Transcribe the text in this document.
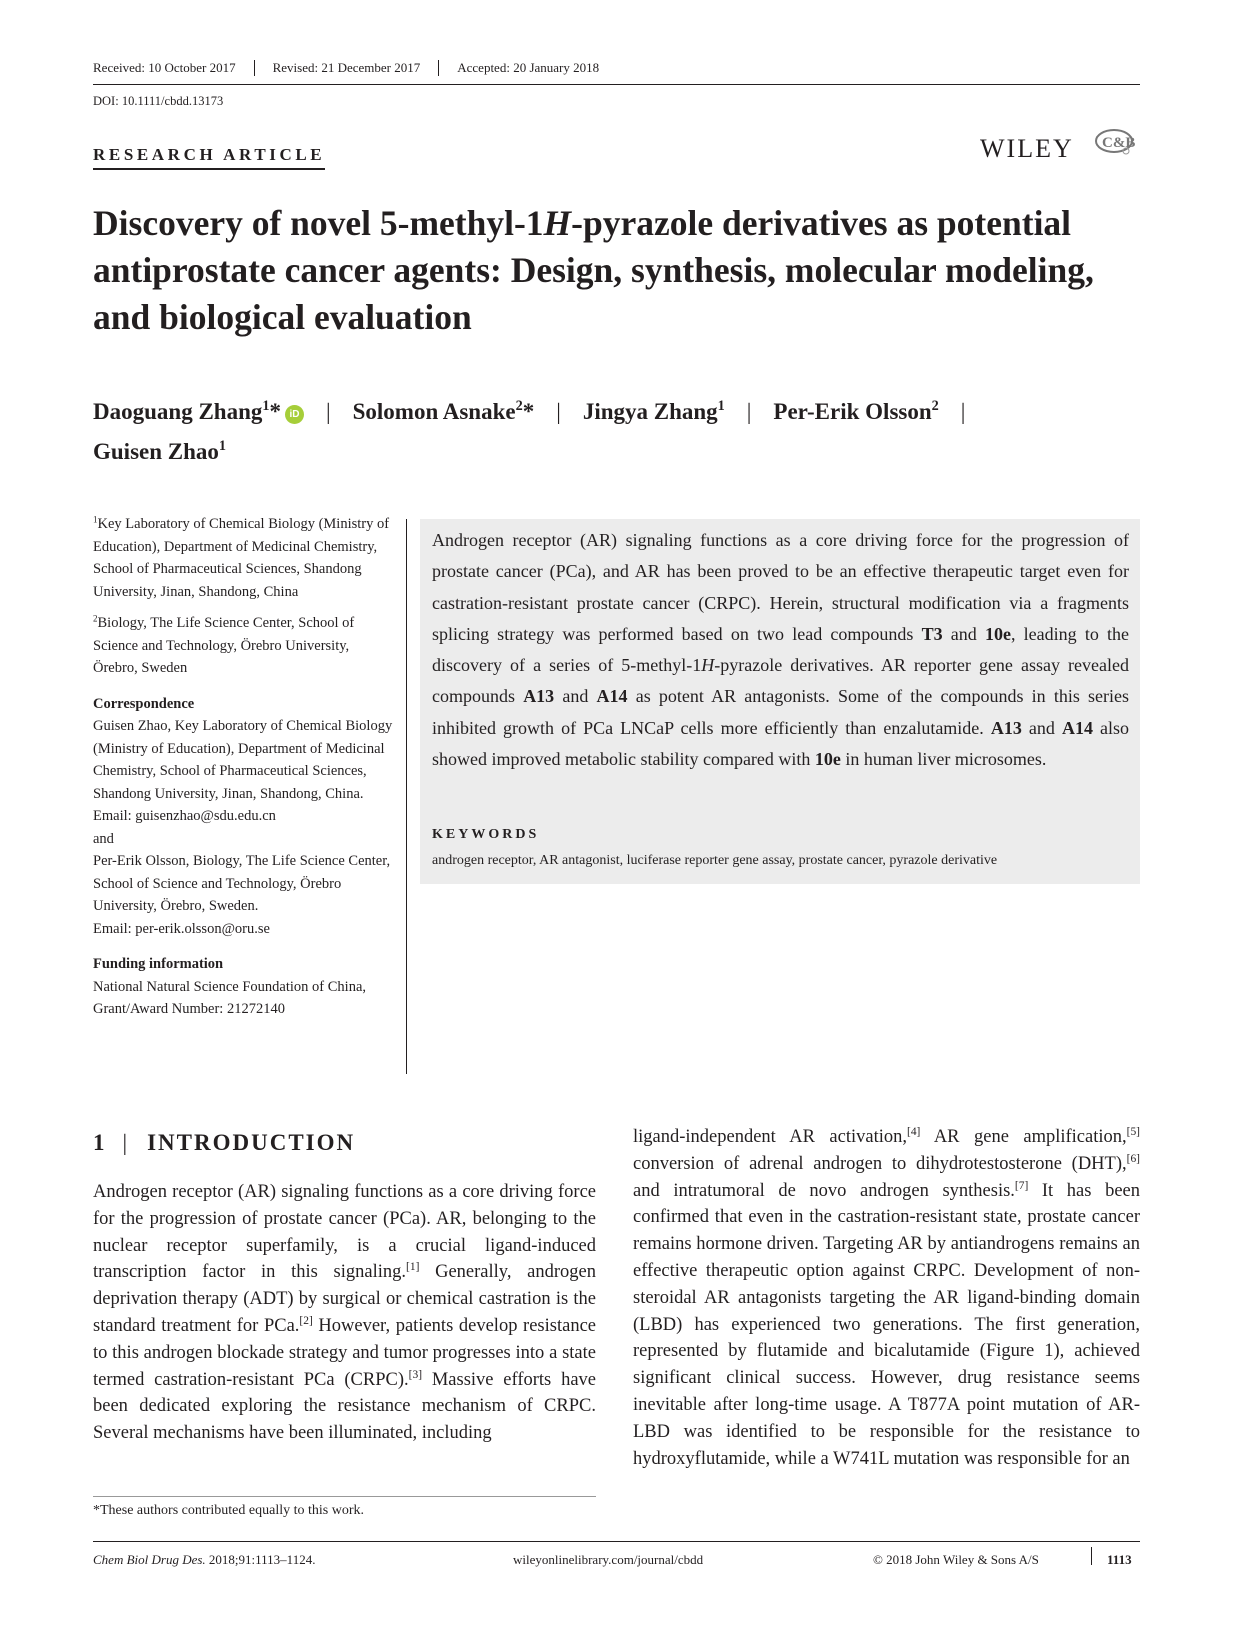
Received: 10 October 2017	Revised: 21 December 2017	Accepted: 20 January 2018
DOI: 10.1111/cbdd.13173
RESEARCH ARTICLE	WILEY C&B
Discovery of novel 5-methyl-1H-pyrazole derivatives as potential antiprostate cancer agents: Design, synthesis, molecular modeling, and biological evaluation
Daoguang Zhang$^1$* iD | Solomon Asnake$^2$* | Jingya Zhang$^1$ | Per-Erik Olsson$^2$ |
Guisen Zhao$^1$

$^1$Key Laboratory of Chemical Biology (Ministry of Education), Department of Medicinal Chemistry, School of Pharmaceutical Sciences, Shandong University, Jinan, Shandong, China

$^2$Biology, The Life Science Center, School of Science and Technology, Örebro University, Örebro, Sweden

Correspondence
Guisen Zhao, Key Laboratory of Chemical Biology (Ministry of Education), Department of Medicinal Chemistry, School of Pharmaceutical Sciences, Shandong University, Jinan, Shandong, China.
Email: guisenzhao@sdu.edu.cn
and
Per-Erik Olsson, Biology, The Life Science Center, School of Science and Technology, Örebro University, Örebro, Sweden.
Email: per-erik.olsson@oru.se
Funding information
National Natural Science Foundation of China, Grant/Award Number: 21272140
Androgen receptor (AR) signaling functions as a core driving force for the progression of prostate cancer (PCa), and AR has been proved to be an effective therapeutic target even for castration-resistant prostate cancer (CRPC). Herein, structural modification via a fragments splicing strategy was performed based on two lead compounds T3 and 10e, leading to the discovery of a series of 5-methyl-1H-pyrazole derivatives. AR reporter gene assay revealed compounds A13 and A14 as potent AR antagonists. Some of the compounds in this series inhibited growth of PCa LNCaP cells more efficiently than enzalutamide. A13 and A14 also showed improved metabolic stability compared with 10e in human liver microsomes.
KEYWORDS
androgen receptor, AR antagonist, luciferase reporter gene assay, prostate cancer, pyrazole derivative
1 | INTRODUCTION

Androgen receptor (AR) signaling functions as a core driving force for the progression of prostate cancer (PCa). AR, belonging to the nuclear receptor superfamily, is a crucial ligand-induced transcription factor in this signaling.[1] Generally, androgen deprivation therapy (ADT) by surgical or chemical castration is the standard treatment for PCa.[2] However, patients develop resistance to this androgen blockade strategy and tumor progresses into a state termed castration-resistant PCa (CRPC).[3] Massive efforts have been dedicated exploring the resistance mechanism of CRPC. Several mechanisms have been illuminated, including

ligand-independent AR activation,[4] AR gene amplification,[5] conversion of adrenal androgen to dihydrotestosterone (DHT),[6] and intratumoral de novo androgen synthesis.[7] It has been confirmed that even in the castration-resistant state, prostate cancer remains hormone driven. Targeting AR by antiandrogens remains an effective therapeutic option against CRPC. Development of non-steroidal AR antagonists targeting the AR ligand-binding domain (LBD) has experienced two generations. The first generation, represented by flutamide and bicalutamide (Figure 1), achieved significant clinical success. However, drug resistance seems inevitable after long-time usage. A T877A point mutation of AR-LBD was identified to be responsible for the resistance to hydroxyflutamide, while a W741L mutation was responsible for an

*These authors contributed equally to this work.
Chem Biol Drug Des. 2018;91:1113–1124.	wileyonlinelibrary.com/journal/cbdd	© 2018 John Wiley & Sons A/S	1113
